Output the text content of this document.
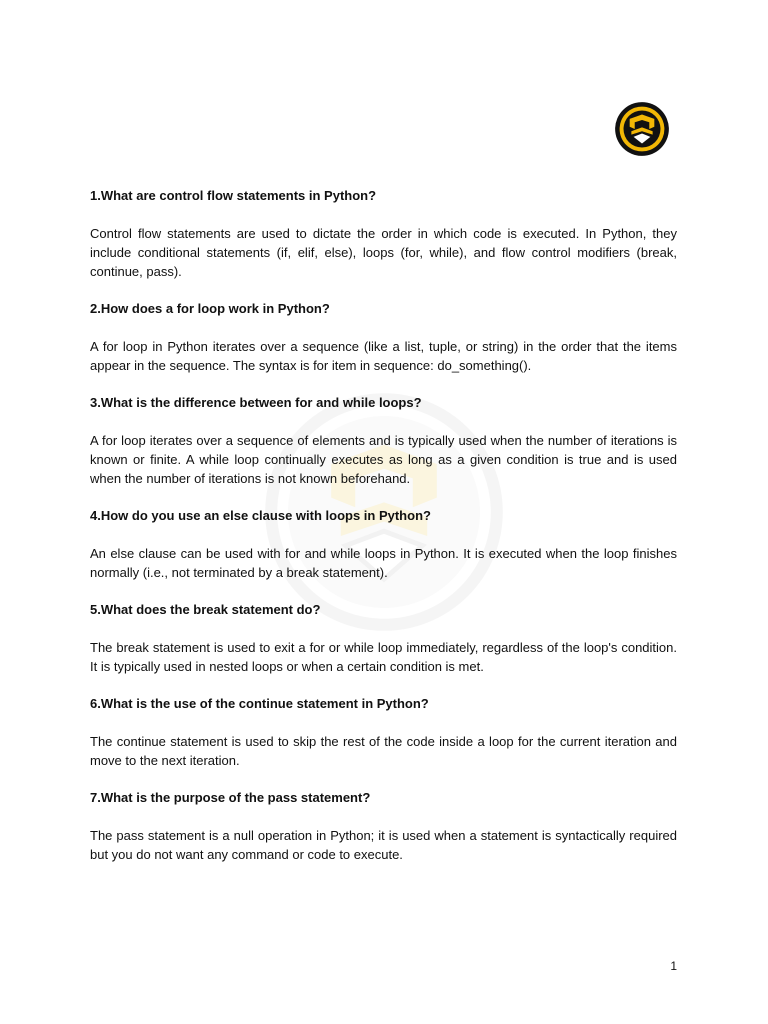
1.What are control flow statements in Python?

Control flow statements are used to dictate the order in which code is executed. In Python, they include conditional statements (if, elif, else), loops (for, while), and flow control modifiers (break, continue, pass).

2.How does a for loop work in Python?

A for loop in Python iterates over a sequence (like a list, tuple, or string) in the order that the items appear in the sequence. The syntax is for item in sequence: do_something().

3.What is the difference between for and while loops?

A for loop iterates over a sequence of elements and is typically used when the number of iterations is known or finite. A while loop continually executes as long as a given condition is true and is used when the number of iterations is not known beforehand.

4.How do you use an else clause with loops in Python?

An else clause can be used with for and while loops in Python. It is executed when the loop finishes normally (i.e., not terminated by a break statement).

5.What does the break statement do?

The break statement is used to exit a for or while loop immediately, regardless of the loop's condition. It is typically used in nested loops or when a certain condition is met.

6.What is the use of the continue statement in Python?

The continue statement is used to skip the rest of the code inside a loop for the current iteration and move to the next iteration.

7.What is the purpose of the pass statement?

The pass statement is a null operation in Python; it is used when a statement is syntactically required but you do not want any command or code to execute.

1
